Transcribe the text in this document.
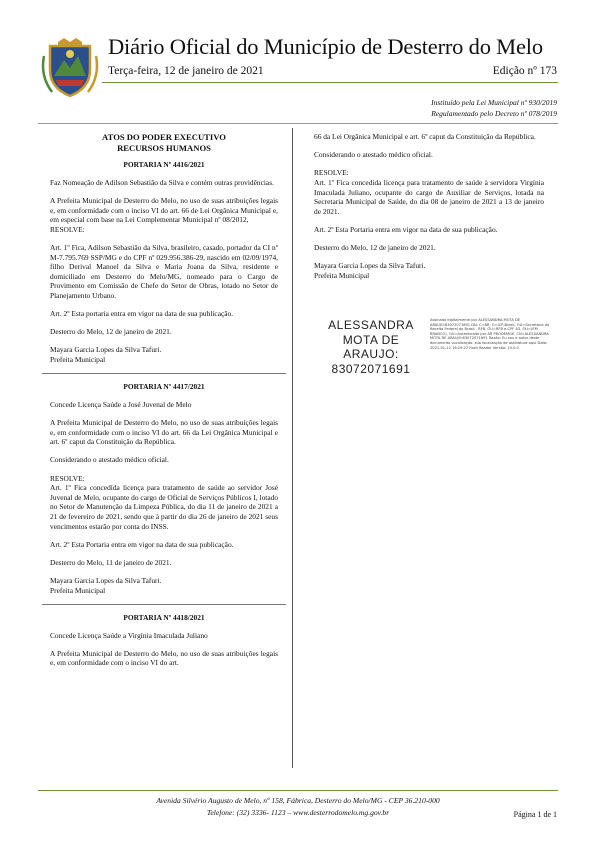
Diário Oficial do Município de Desterro do Melo
Terça-feira, 12 de janeiro de 2021	Edição nº 173
Instituído pela Lei Municipal nº 930/2019
Regulamentado pelo Decreto nº 078/2019
ATOS DO PODER EXECUTIVO
RECURSOS HUMANOS

PORTARIA Nº 4416/2021

Faz Nomeação de Adilson Sebastião da Silva e contém outras providências.

A Prefeita Municipal de Desterro do Melo, no uso de suas atribuições legais e, em conformidade com o inciso VI do art. 66 de Lei Orgânica Municipal e, em especial com base na Lei Complementar Municipal nº 08/2012,

RESOLVE:

Art. 1º Fica, Adilson Sebastião da Silva, brasileiro, casado, portador da CI nº M-7.795.769 SSP/MG e do CPF nº 029.956.386-29, nascido em 02/09/1974, filho Derival Manoel da Silva e Maria Joana da Silva, residente e domiciliado em Desterro do Melo/MG, nomeado para o Cargo de Provimento em Comissão de Chefe do Setor de Obras, lotado no Setor de Planejamento Urbano.

Art. 2º Esta portaria entra em vigor na data de sua publicação.

Desterro do Melo, 12 de janeiro de 2021.

Mayara Garcia Lopes da Silva Tafuri.

Prefeita Municipal

PORTARIA Nº 4417/2021

Concede Licença Saúde a José Juvenal de Melo

A Prefeita Municipal de Desterro do Melo, no uso de suas atribuições legais e, em conformidade com o inciso VI do art. 66 da Lei Orgânica Municipal e art. 6º caput da Constituição da República.

Considerando o atestado médico oficial.

RESOLVE:

Art. 1º Fica concedida licença para tratamento de saúde ao servidor José Juvenal de Melo, ocupante do cargo de Oficial de Serviços Públicos I, lotado no Setor de Manutenção da Limpeza Pública, do dia 11 de janeiro de 2021 a 21 de fevereiro de 2021, sendo que à partir do dia 26 de janeiro de 2021 seus vencimentos estarão por conta do INSS.

Art. 2º Esta Portaria entra em vigor na data de sua publicação.

Desterro do Melo, 11 de janeiro de 2021.

Mayara Garcia Lopes da Silva Tafuri.

Prefeita Municipal

PORTARIA Nº 4418/2021

Concede Licença Saúde a Virgínia Imaculada Juliano

A Prefeita Municipal de Desterro do Melo, no uso de suas atribuições legais e, em conformidade com o inciso VI do art.

66 da Lei Orgânica Municipal e art. 6º caput da Constituição da República.

Considerando o atestado médico oficial.

RESOLVE:

Art. 1º Fica concedida licença para tratamento de saúde à servidora Virgínia Imaculada Juliano, ocupante do cargo de Auxiliar de Serviços, lotada na Secretaria Municipal de Saúde, do dia 08 de janeiro de 2021 a 13 de janeiro de 2021.

Art. 2º Esta Portaria entra em vigor na data de sua publicação.

Desterro do Melo, 12 de janeiro de 2021.

Mayara Garcia Lopes da Silva Tafuri.

Prefeita Municipal

ALESSANDRA
MOTA DE ARAUJO:
83072071691
Assinado digitalmente por ALESSANDRA MOTA DE ARAUJO:83072071691 DN: C=BR, O=ICP-Brasil, OU=Secretaria da Receita Federal do Brasil - RFB, OU=RFB e-CPF A3, OU=(EM BRANCO), OU=Autenticado por AR PRODEMGE, CN=ALESSANDRA MOTA DE ARAUJO:83072071691 Razão: Eu sou o autor deste documento Localização: sua localização de assinatura aqui Data: 2021-01-12 16:29:27 Foxit Reader Versão: 10.0.0
Avenida Silvério Augusto de Melo, nº 158, Fábrica, Desterro do Melo/MG - CEP 36.210-000
Telefone: (32) 3336- 1123 – www.desterrodomelo.mg.gov.br	Página 1 de 1
